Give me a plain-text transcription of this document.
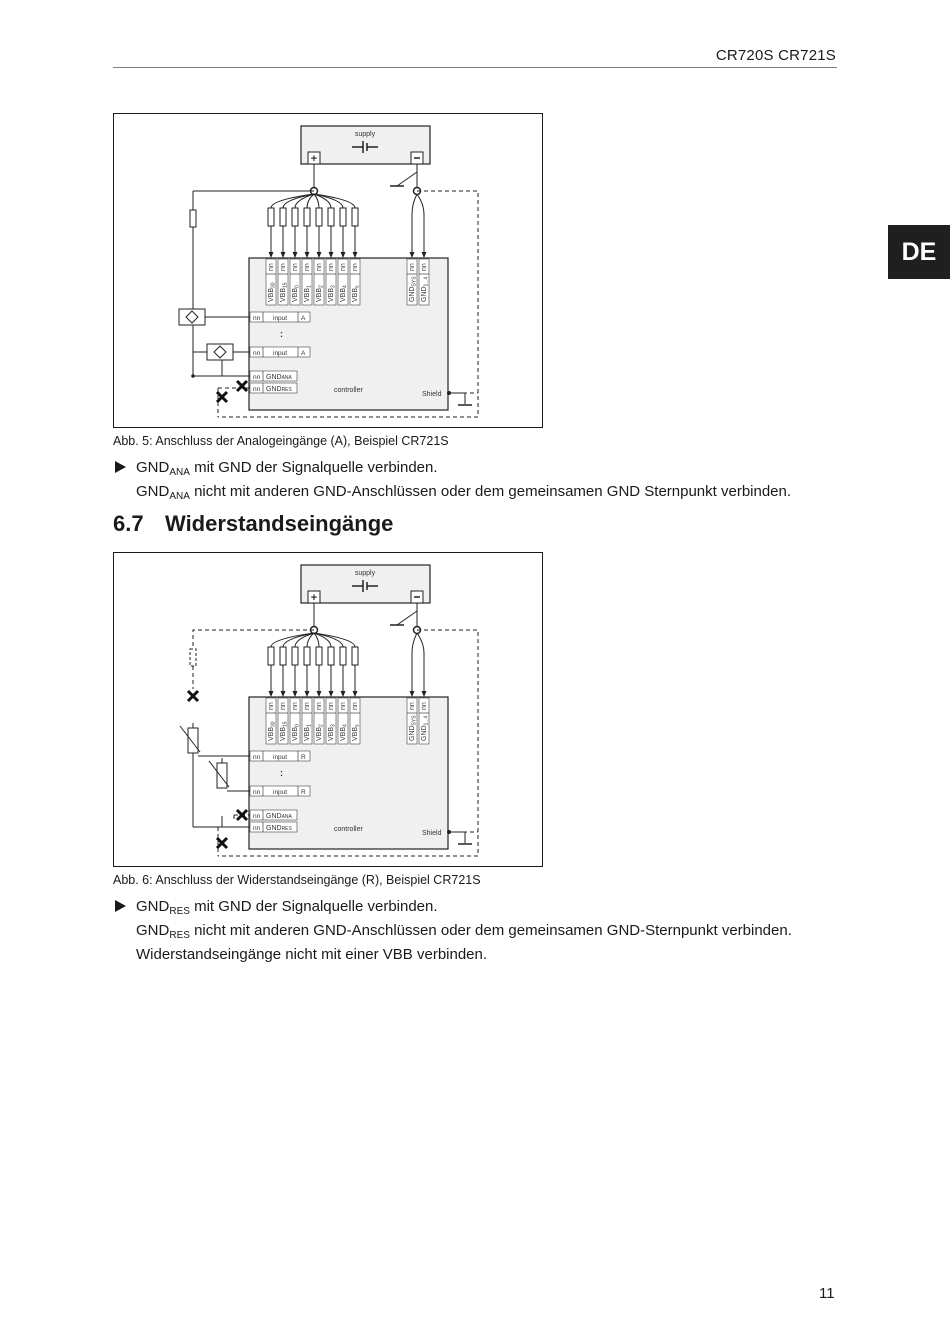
CR720S CR721S
DE
supply
+
nn
$VBB_{30}$
nn
$VBB_{15}$
nn
$VBB_0$
nn
$VBB_1$
nn
$VBB_2$
nn
$VBB_3$
nn
$VBB_4$
nn
$VBB_s$
nn
$GND_{SYS}$
nn
$GND_{1...4}$
nn input A
nn input A
:
nn GNDANA
nn GNDRES	controller
Shield
Abb. 5: Anschluss der Analogeingänge (A), Beispiel CR721S
$GND_{ANA}$ mit GND der Signalquelle verbinden.
$GND_{ANA}$ nicht mit anderen GND-Anschlüssen oder dem gemeinsamen GND Sternpunkt verbinden.
6.7 Widerstandseingänge
supply
+
nn
$VBB_{30}$
nn
$VBB_{15}$
nn
$VBB_0$
nn
$VBB_1$
nn
$VBB_2$
nn
$VBB_3$
nn
$VBB_4$
nn
$VBB_s$
nn
$GND_{SYS}$
nn
$GND_{1...4}$
nn input R
nn input R
:
nn GNDANA
nn GNDRES	controller
Shield
Abb. 6: Anschluss der Widerstandseingänge (R), Beispiel CR721S
$GND_{RES}$ mit GND der Signalquelle verbinden.
$GND_{RES}$ nicht mit anderen GND-Anschlüssen oder dem gemeinsamen GND-Sternpunkt verbinden.
Widerstandseingänge nicht mit einer VBB verbinden.
11
